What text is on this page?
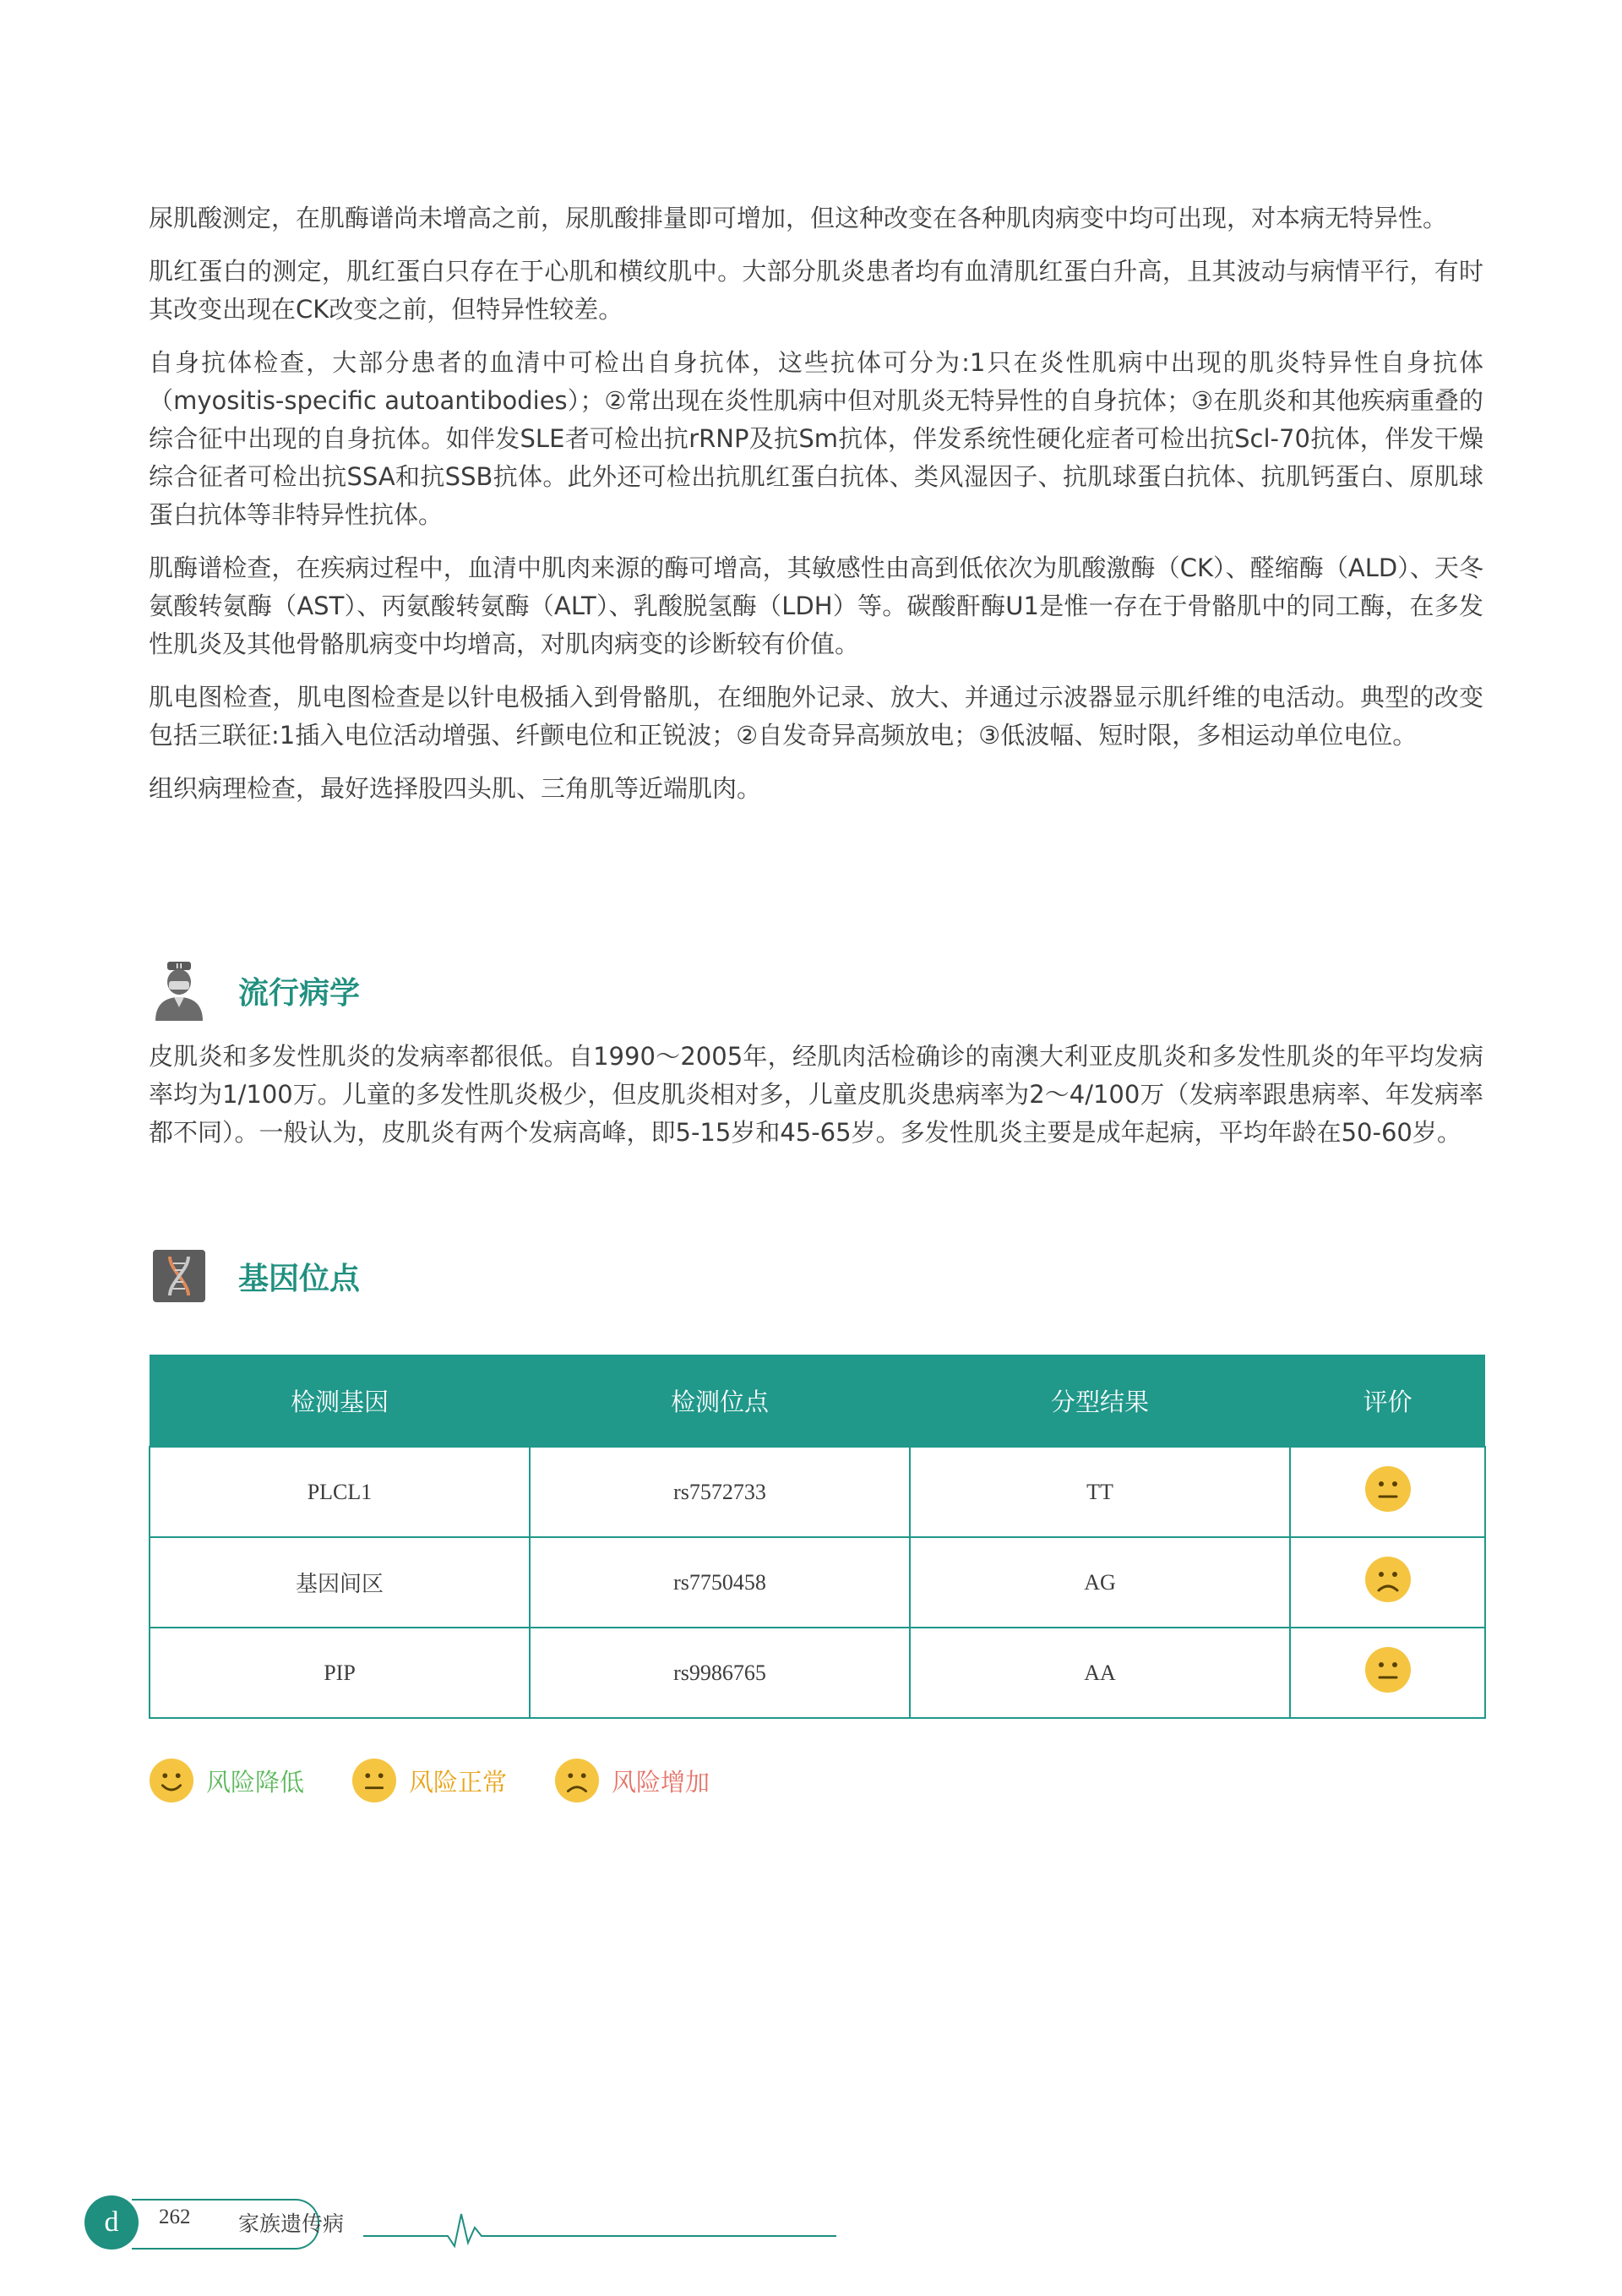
尿肌酸测定，在肌酶谱尚未增高之前，尿肌酸排量即可增加，但这种改变在各种肌肉病变中均可出现，对本病无特异性。

肌红蛋白的测定，肌红蛋白只存在于心肌和横纹肌中。大部分肌炎患者均有血清肌红蛋白升高，且其波动与病情平行，有时其改变出现在CK改变之前，但特异性较差。

自身抗体检查，大部分患者的血清中可检出自身抗体，这些抗体可分为:1只在炎性肌病中出现的肌炎特异性自身抗体（myositis-specific autoantibodies）；②常出现在炎性肌病中但对肌炎无特异性的自身抗体；③在肌炎和其他疾病重叠的综合征中出现的自身抗体。如伴发SLE者可检出抗rRNP及抗Sm抗体，伴发系统性硬化症者可检出抗Scl-70抗体，伴发干燥综合征者可检出抗SSA和抗SSB抗体。此外还可检出抗肌红蛋白抗体、类风湿因子、抗肌球蛋白抗体、抗肌钙蛋白、原肌球蛋白抗体等非特异性抗体。

肌酶谱检查，在疾病过程中，血清中肌肉来源的酶可增高，其敏感性由高到低依次为肌酸激酶（CK）、醛缩酶（ALD）、天冬氨酸转氨酶（AST）、丙氨酸转氨酶（ALT）、乳酸脱氢酶（LDH）等。碳酸酐酶U1是惟一存在于骨骼肌中的同工酶，在多发性肌炎及其他骨骼肌病变中均增高，对肌肉病变的诊断较有价值。

肌电图检查，肌电图检查是以针电极插入到骨骼肌，在细胞外记录、放大、并通过示波器显示肌纤维的电活动。典型的改变包括三联征:1插入电位活动增强、纤颤电位和正锐波；②自发奇异高频放电；③低波幅、短时限，多相运动单位电位。

组织病理检查，最好选择股四头肌、三角肌等近端肌肉。

流行病学

皮肌炎和多发性肌炎的发病率都很低。自1990～2005年，经肌肉活检确诊的南澳大利亚皮肌炎和多发性肌炎的年平均发病率均为1/100万。儿童的多发性肌炎极少，但皮肌炎相对多，儿童皮肌炎患病率为2～4/100万（发病率跟患病率、年发病率都不同）。一般认为，皮肌炎有两个发病高峰，即5-15岁和45-65岁。多发性肌炎主要是成年起病，平均年龄在50-60岁。

基因位点
检测基因	检测位点	分型结果	评价
PLCL1	rs7572733	TT	
基因间区	rs7750458	AG	
PIP	rs9986765	AA	
风险降低	风险正常	风险增加
d	262 家族遗传病
